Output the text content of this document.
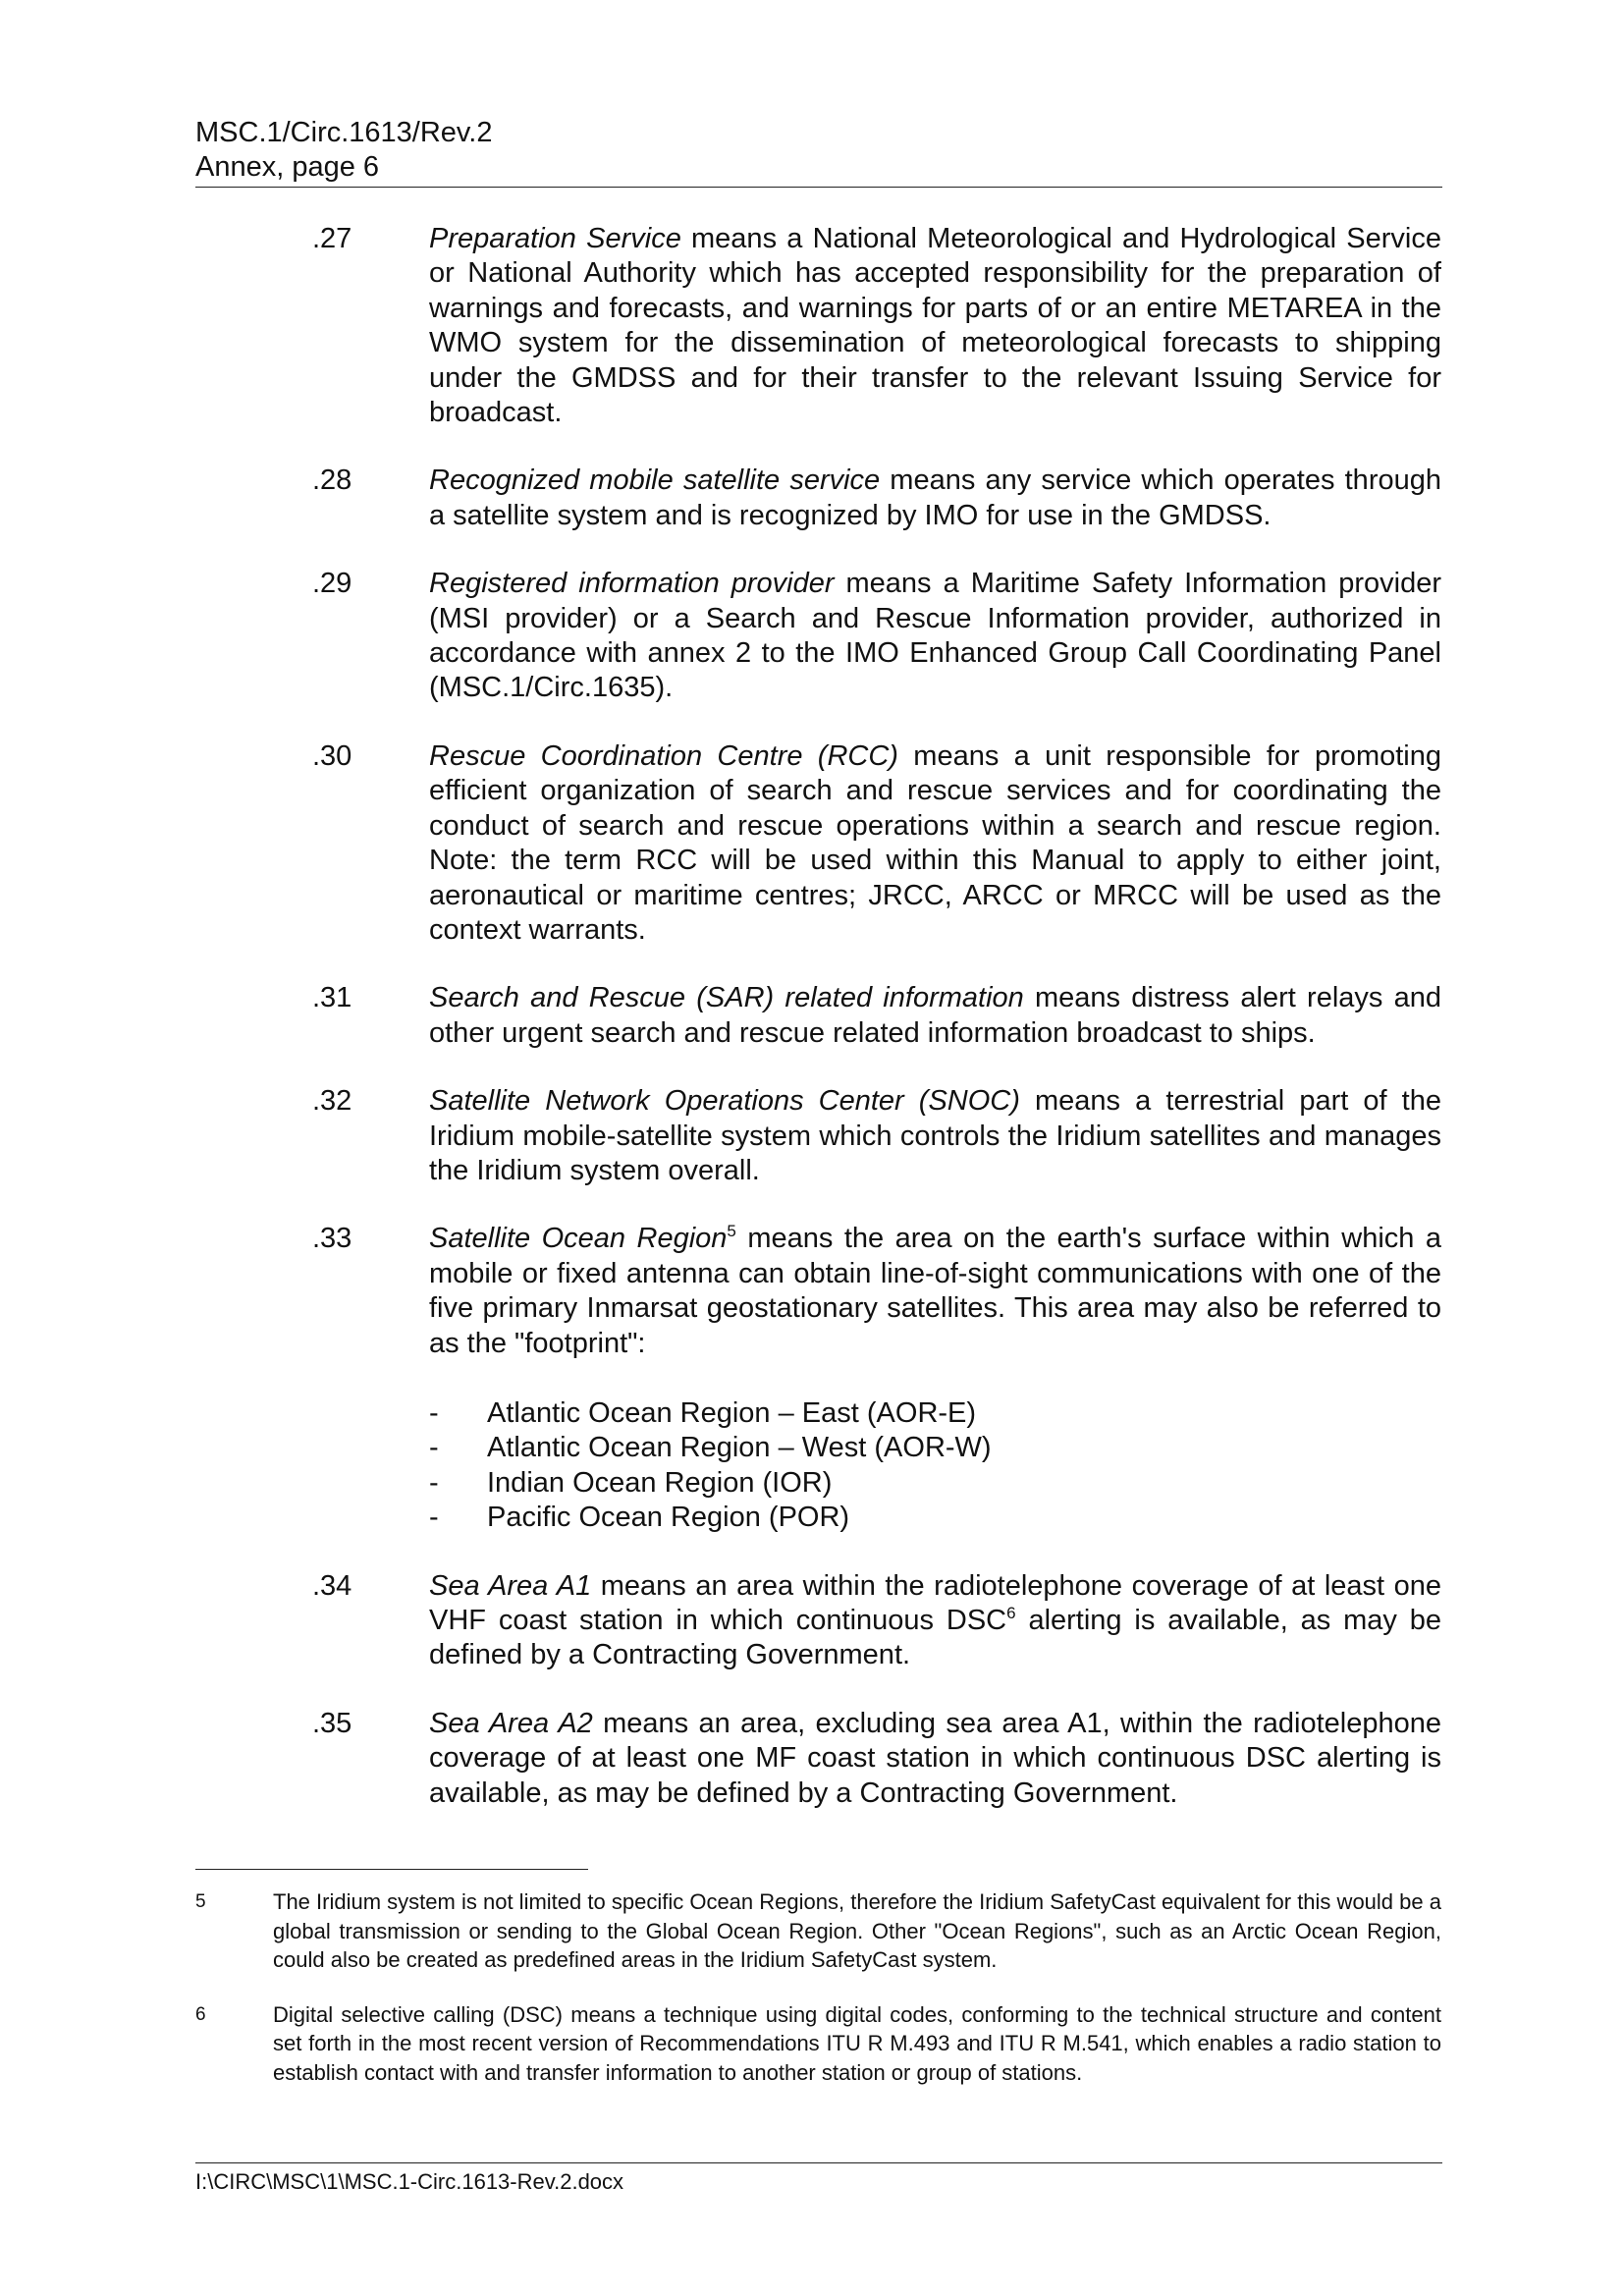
MSC.1/Circ.1613/Rev.2
Annex, page 6
.27	Preparation Service means a National Meteorological and Hydrological Service or National Authority which has accepted responsibility for the preparation of warnings and forecasts, and warnings for parts of or an entire METAREA in the WMO system for the dissemination of meteorological forecasts to shipping under the GMDSS and for their transfer to the relevant Issuing Service for broadcast.
.28	Recognized mobile satellite service means any service which operates through a satellite system and is recognized by IMO for use in the GMDSS.
.29	Registered information provider means a Maritime Safety Information provider (MSI provider) or a Search and Rescue Information provider, authorized in accordance with annex 2 to the IMO Enhanced Group Call Coordinating Panel (MSC.1/Circ.1635).
.30	Rescue Coordination Centre (RCC) means a unit responsible for promoting efficient organization of search and rescue services and for coordinating the conduct of search and rescue operations within a search and rescue region. Note: the term RCC will be used within this Manual to apply to either joint, aeronautical or maritime centres; JRCC, ARCC or MRCC will be used as the context warrants.
.31	Search and Rescue (SAR) related information means distress alert relays and other urgent search and rescue related information broadcast to ships.
.32	Satellite Network Operations Center (SNOC) means a terrestrial part of the Iridium mobile-satellite system which controls the Iridium satellites and manages the Iridium system overall.
.33	Satellite Ocean Region$^5$ means the area on the earth's surface within which a mobile or fixed antenna can obtain line-of-sight communications with one of the five primary Inmarsat geostationary satellites. This area may also be referred to as the "footprint":
-	Atlantic Ocean Region – East (AOR-E)
-	Atlantic Ocean Region – West (AOR-W)
-	Indian Ocean Region (IOR)
-	Pacific Ocean Region (POR)
.34	Sea Area A1 means an area within the radiotelephone coverage of at least one VHF coast station in which continuous DSC$^6$ alerting is available, as may be defined by a Contracting Government.
.35	Sea Area A2 means an area, excluding sea area A1, within the radiotelephone coverage of at least one MF coast station in which continuous DSC alerting is available, as may be defined by a Contracting Government.
5	The Iridium system is not limited to specific Ocean Regions, therefore the Iridium SafetyCast equivalent for this would be a global transmission or sending to the Global Ocean Region. Other "Ocean Regions", such as an Arctic Ocean Region, could also be created as predefined areas in the Iridium SafetyCast system.
6	Digital selective calling (DSC) means a technique using digital codes, conforming to the technical structure and content set forth in the most recent version of Recommendations ITU R M.493 and ITU R M.541, which enables a radio station to establish contact with and transfer information to another station or group of stations.
I:\CIRC\MSC\1\MSC.1-Circ.1613-Rev.2.docx
